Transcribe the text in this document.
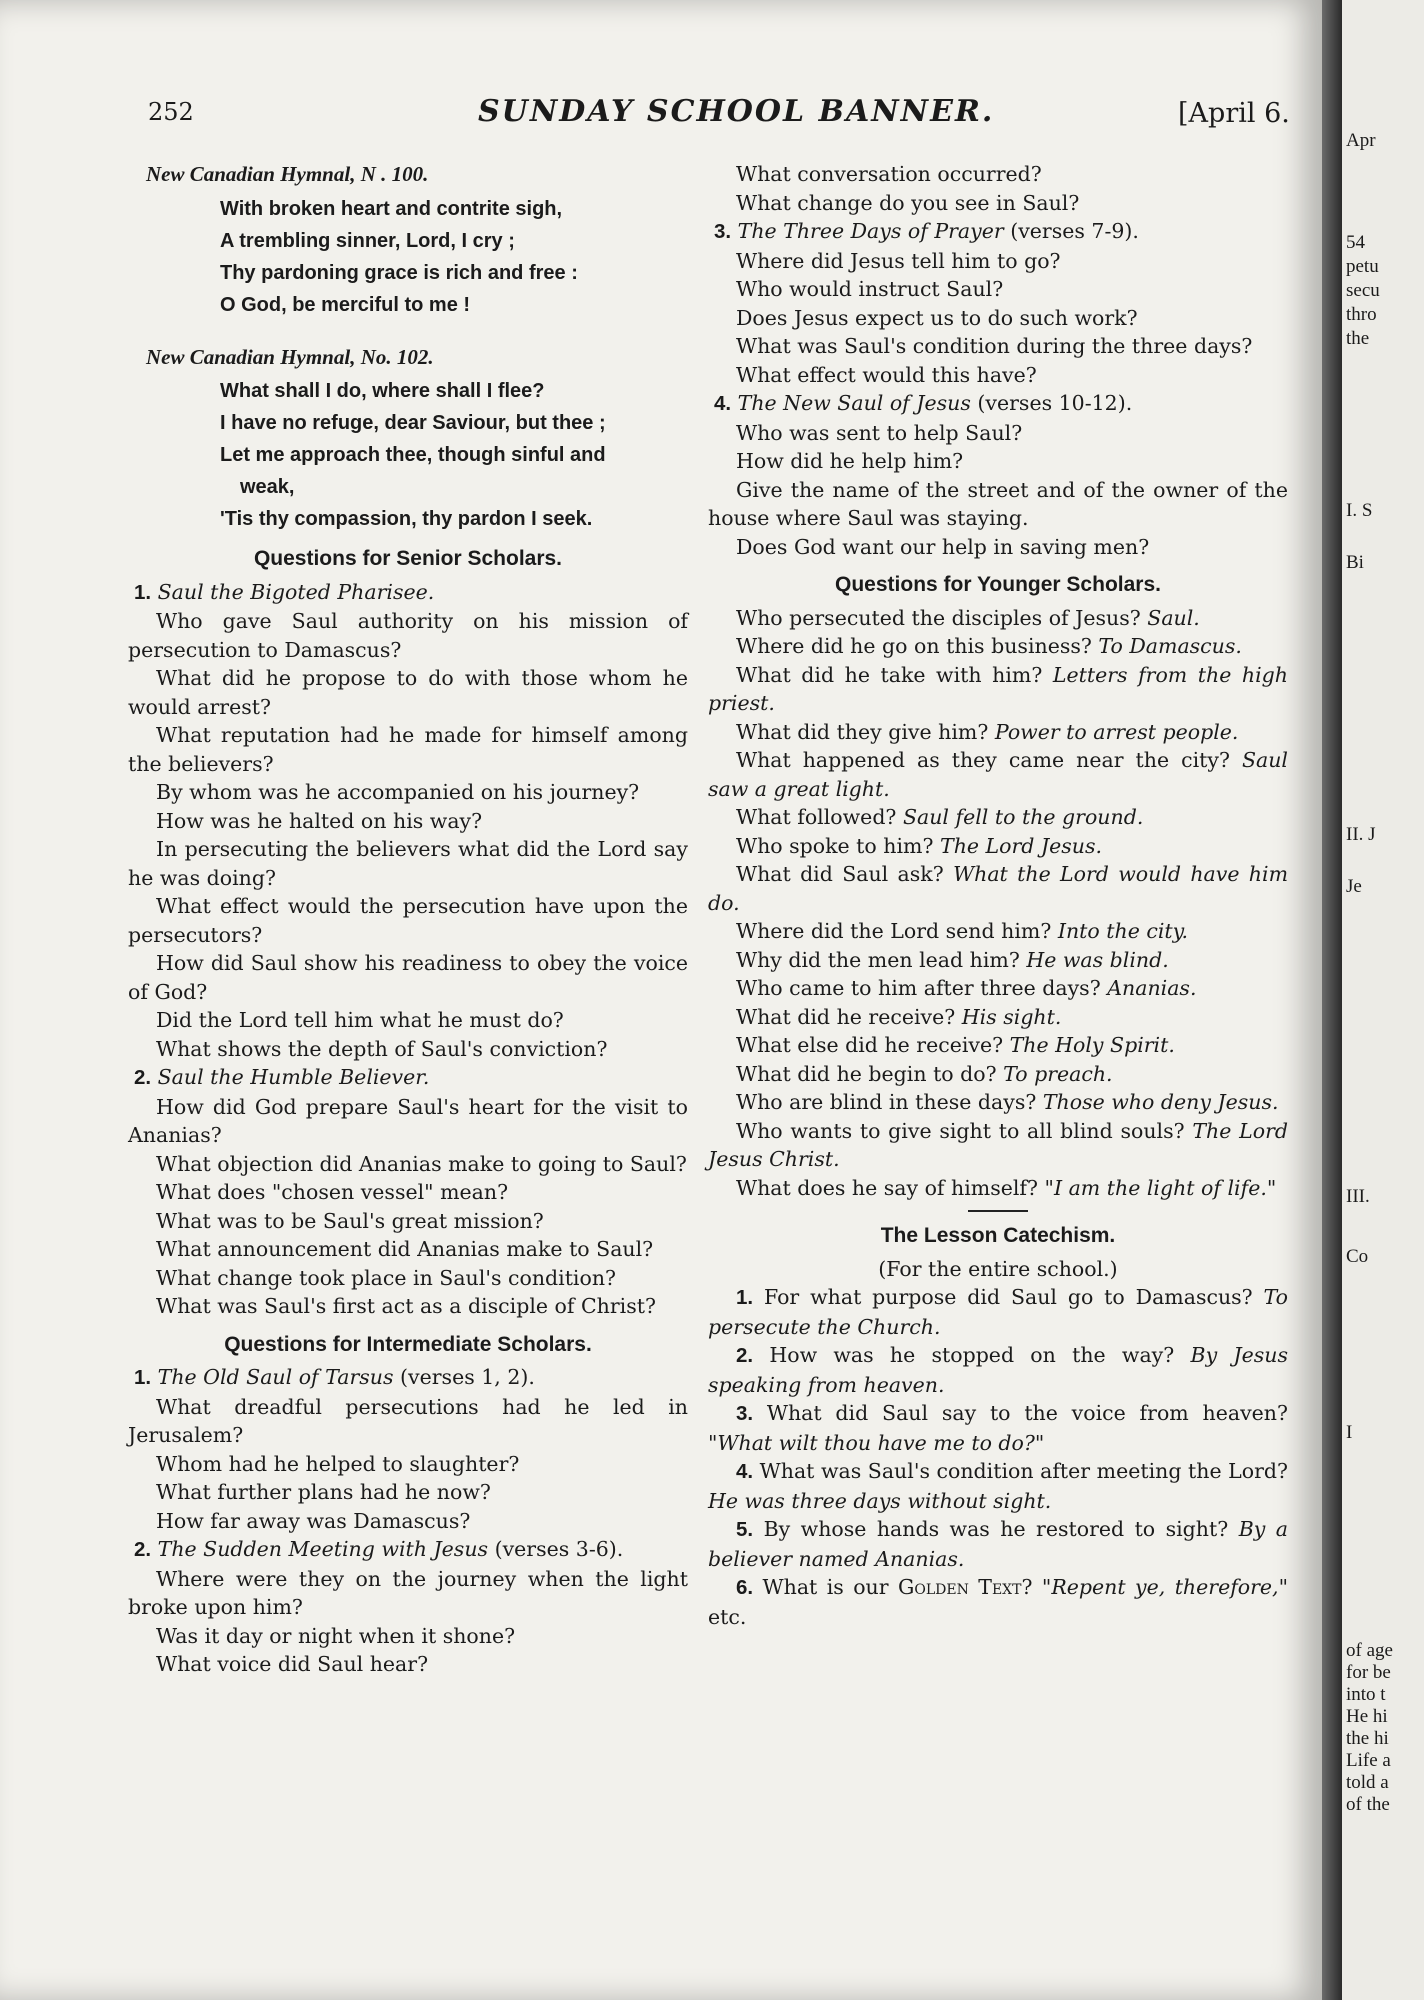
252	SUNDAY SCHOOL BANNER.	[April 6.

New Canadian Hymnal, N . 100.

With broken heart and contrite sigh,

A trembling sinner, Lord, I cry ;

Thy pardoning grace is rich and free :

O God, be merciful to me !

New Canadian Hymnal, No. 102.

What shall I do, where shall I flee?

I have no refuge, dear Saviour, but thee ;

Let me approach thee, though sinful and

weak,

'Tis thy compassion, thy pardon I seek.

Questions for Senior Scholars.

1. Saul the Bigoted Pharisee.

Who gave Saul authority on his mission of persecution to Damascus?

What did he propose to do with those whom he would arrest?

What reputation had he made for himself among the believers?

By whom was he accompanied on his journey?

How was he halted on his way?

In persecuting the believers what did the Lord say he was doing?

What effect would the persecution have upon the persecutors?

How did Saul show his readiness to obey the voice of God?

Did the Lord tell him what he must do?

What shows the depth of Saul's conviction?

2. Saul the Humble Believer.

How did God prepare Saul's heart for the visit to Ananias?

What objection did Ananias make to going to Saul?

What does "chosen vessel" mean?

What was to be Saul's great mission?

What announcement did Ananias make to Saul?

What change took place in Saul's condition?

What was Saul's first act as a disciple of Christ?

Questions for Intermediate Scholars.

1. The Old Saul of Tarsus (verses 1, 2).

What dreadful persecutions had he led in Jerusalem?

Whom had he helped to slaughter?

What further plans had he now?

How far away was Damascus?

2. The Sudden Meeting with Jesus (verses 3-6).

Where were they on the journey when the light broke upon him?

Was it day or night when it shone?

What voice did Saul hear?

What conversation occurred?

What change do you see in Saul?

3. The Three Days of Prayer (verses 7-9).

Where did Jesus tell him to go?

Who would instruct Saul?

Does Jesus expect us to do such work?

What was Saul's condition during the three days?

What effect would this have?

4. The New Saul of Jesus (verses 10-12).

Who was sent to help Saul?

How did he help him?

Give the name of the street and of the owner of the house where Saul was staying.

Does God want our help in saving men?

Questions for Younger Scholars.

Who persecuted the disciples of Jesus? Saul.

Where did he go on this business? To Damascus.

What did he take with him? Letters from the high priest.

What did they give him? Power to arrest people.

What happened as they came near the city? Saul saw a great light.

What followed? Saul fell to the ground.

Who spoke to him? The Lord Jesus.

What did Saul ask? What the Lord would have him do.

Where did the Lord send him? Into the city.

Why did the men lead him? He was blind.

Who came to him after three days? Ananias.

What did he receive? His sight.

What else did he receive? The Holy Spirit.

What did he begin to do? To preach.

Who are blind in these days? Those who deny Jesus.

Who wants to give sight to all blind souls? The Lord Jesus Christ.

What does he say of himself? "I am the light of life."

The Lesson Catechism.

(For the entire school.)

1. For what purpose did Saul go to Damascus? To persecute the Church.

2. How was he stopped on the way? By Jesus speaking from heaven.

3. What did Saul say to the voice from heaven? "What wilt thou have me to do?"

4. What was Saul's condition after meeting the Lord? He was three days without sight.

5. By whose hands was he restored to sight? By a believer named Ananias.

6. What is our Golden Text? "Repent ye, therefore," etc.

Apr
54
petu
secu
thro
the
I. S
Bi
II. J
Je
III.
Co
I
of age
for be
into t
He hi
the hi
Life a
told a
of the
